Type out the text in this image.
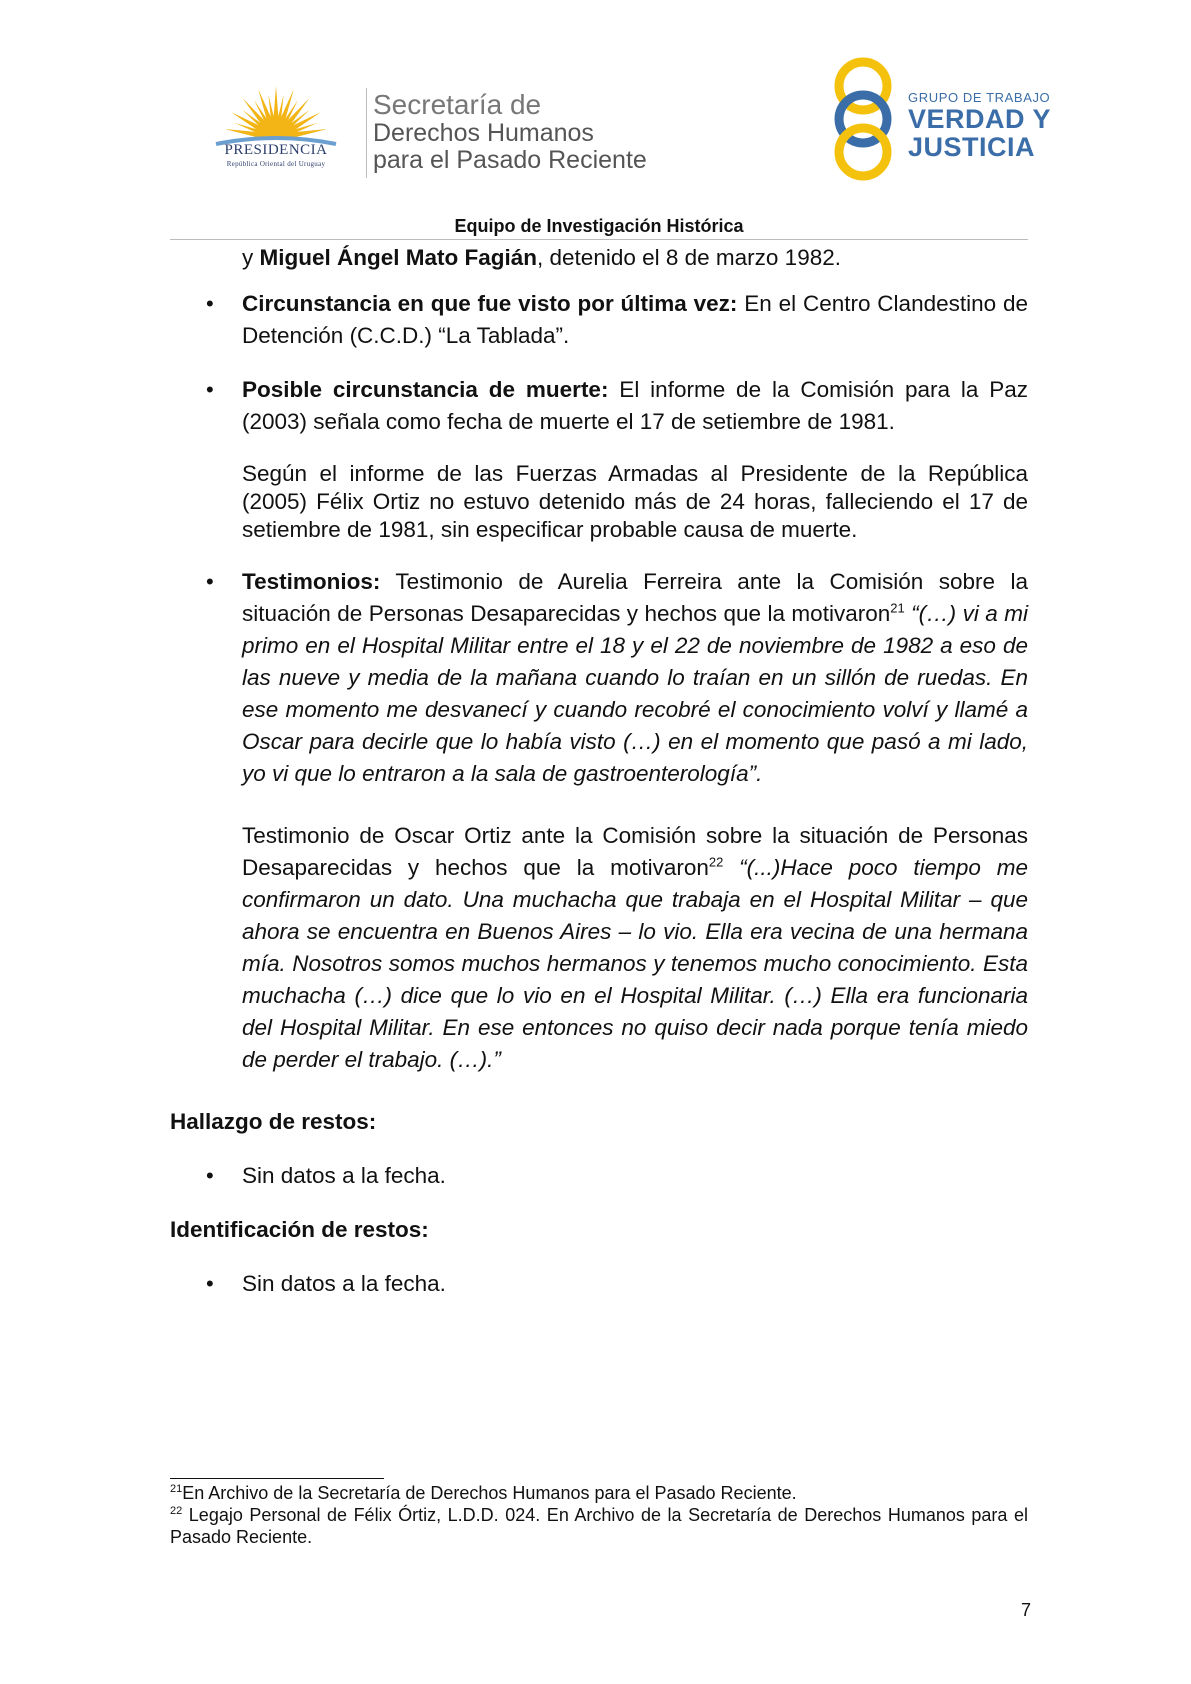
PRESIDENCIA
República Oriental del Uruguay
Secretaría de
Derechos Humanos
para el Pasado Reciente
GRUPO DE TRABAJO
VERDAD Y
JUSTICIA
Equipo de Investigación Histórica
y Miguel Ángel Mato Fagián, detenido el 8 de marzo 1982.
• Circunstancia en que fue visto por última vez: En el Centro Clandestino de Detención (C.C.D.) “La Tablada”.
• Posible circunstancia de muerte: El informe de la Comisión para la Paz (2003) señala como fecha de muerte el 17 de setiembre de 1981.
Según el informe de las Fuerzas Armadas al Presidente de la República (2005) Félix Ortiz no estuvo detenido más de 24 horas, falleciendo el 17 de setiembre de 1981, sin especificar probable causa de muerte.
• Testimonios: Testimonio de Aurelia Ferreira ante la Comisión sobre la situación de Personas Desaparecidas y hechos que la motivaron$^{21}$ “(…) vi a mi primo en el Hospital Militar entre el 18 y el 22 de noviembre de 1982 a eso de las nueve y media de la mañana cuando lo traían en un sillón de ruedas. En ese momento me desvanecí y cuando recobré el conocimiento volví y llamé a Oscar para decirle que lo había visto (…) en el momento que pasó a mi lado, yo vi que lo entraron a la sala de gastroenterología”.
Testimonio de Oscar Ortiz ante la Comisión sobre la situación de Personas Desaparecidas y hechos que la motivaron$^{22}$ “(...)Hace poco tiempo me confirmaron un dato. Una muchacha que trabaja en el Hospital Militar – que ahora se encuentra en Buenos Aires – lo vio. Ella era vecina de una hermana mía. Nosotros somos muchos hermanos y tenemos mucho conocimiento. Esta muchacha (…) dice que lo vio en el Hospital Militar. (…) Ella era funcionaria del Hospital Militar. En ese entonces no quiso decir nada porque tenía miedo de perder el trabajo. (…).”
Hallazgo de restos:
• Sin datos a la fecha.
Identificación de restos:
• Sin datos a la fecha.
$^{21}$En Archivo de la Secretaría de Derechos Humanos para el Pasado Reciente.
$^{22}$ Legajo Personal de Félix Órtiz, L.D.D. 024. En Archivo de la Secretaría de Derechos Humanos para el Pasado Reciente.
7
